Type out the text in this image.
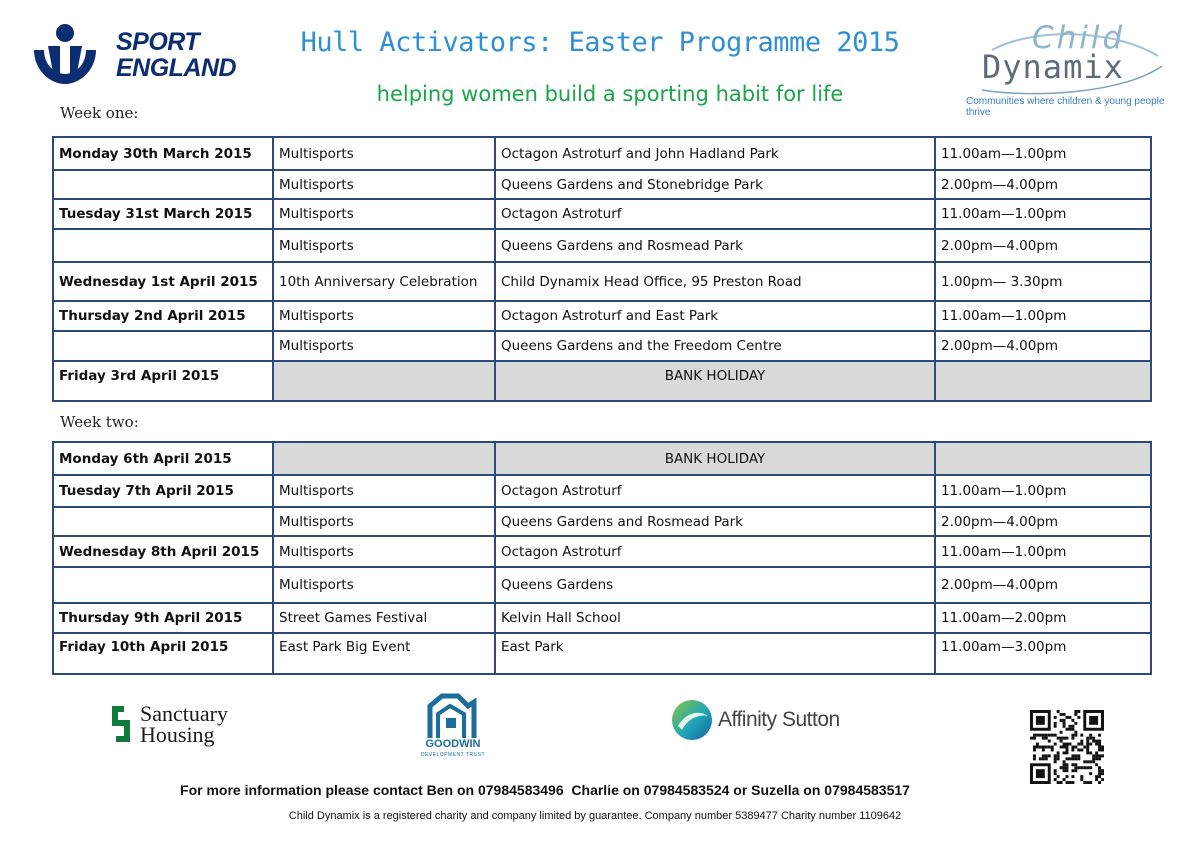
SPORT
ENGLAND
Hull Activators: Easter Programme 2015
helping women build a sporting habit for life
Child
Dynamix
Communities where children & young people thrive
Week one:
Monday 30th March 2015	Multisports	Octagon Astroturf and John Hadland Park	11.00am—1.00pm
	Multisports	Queens Gardens and Stonebridge Park	2.00pm—4.00pm
Tuesday 31st March 2015	Multisports	Octagon Astroturf	11.00am—1.00pm
	Multisports	Queens Gardens and Rosmead Park	2.00pm—4.00pm
Wednesday 1st April 2015	10th Anniversary Celebration	Child Dynamix Head Office, 95 Preston Road	1.00pm— 3.30pm
Thursday 2nd April 2015	Multisports	Octagon Astroturf and East Park	11.00am—1.00pm
	Multisports	Queens Gardens and the Freedom Centre	2.00pm—4.00pm
Friday 3rd April 2015		BANK HOLIDAY	
Week two:
Monday 6th April 2015		BANK HOLIDAY	
Tuesday 7th April 2015	Multisports	Octagon Astroturf	11.00am—1.00pm
	Multisports	Queens Gardens and Rosmead Park	2.00pm—4.00pm
Wednesday 8th April 2015	Multisports	Octagon Astroturf	11.00am—1.00pm
	Multisports	Queens Gardens	2.00pm—4.00pm
Thursday 9th April 2015	Street Games Festival	Kelvin Hall School	11.00am—2.00pm
Friday 10th April 2015	East Park Big Event	East Park	11.00am—3.00pm
Sanctuary
Housing	GOODWIN
DEVELOPMENT TRUST
Affinity Sutton
For more information please contact Ben on 07984583496  Charlie on 07984583524 or Suzella on 07984583517
Child Dynamix is a registered charity and company limited by guarantee. Company number 5389477 Charity number 1109642
